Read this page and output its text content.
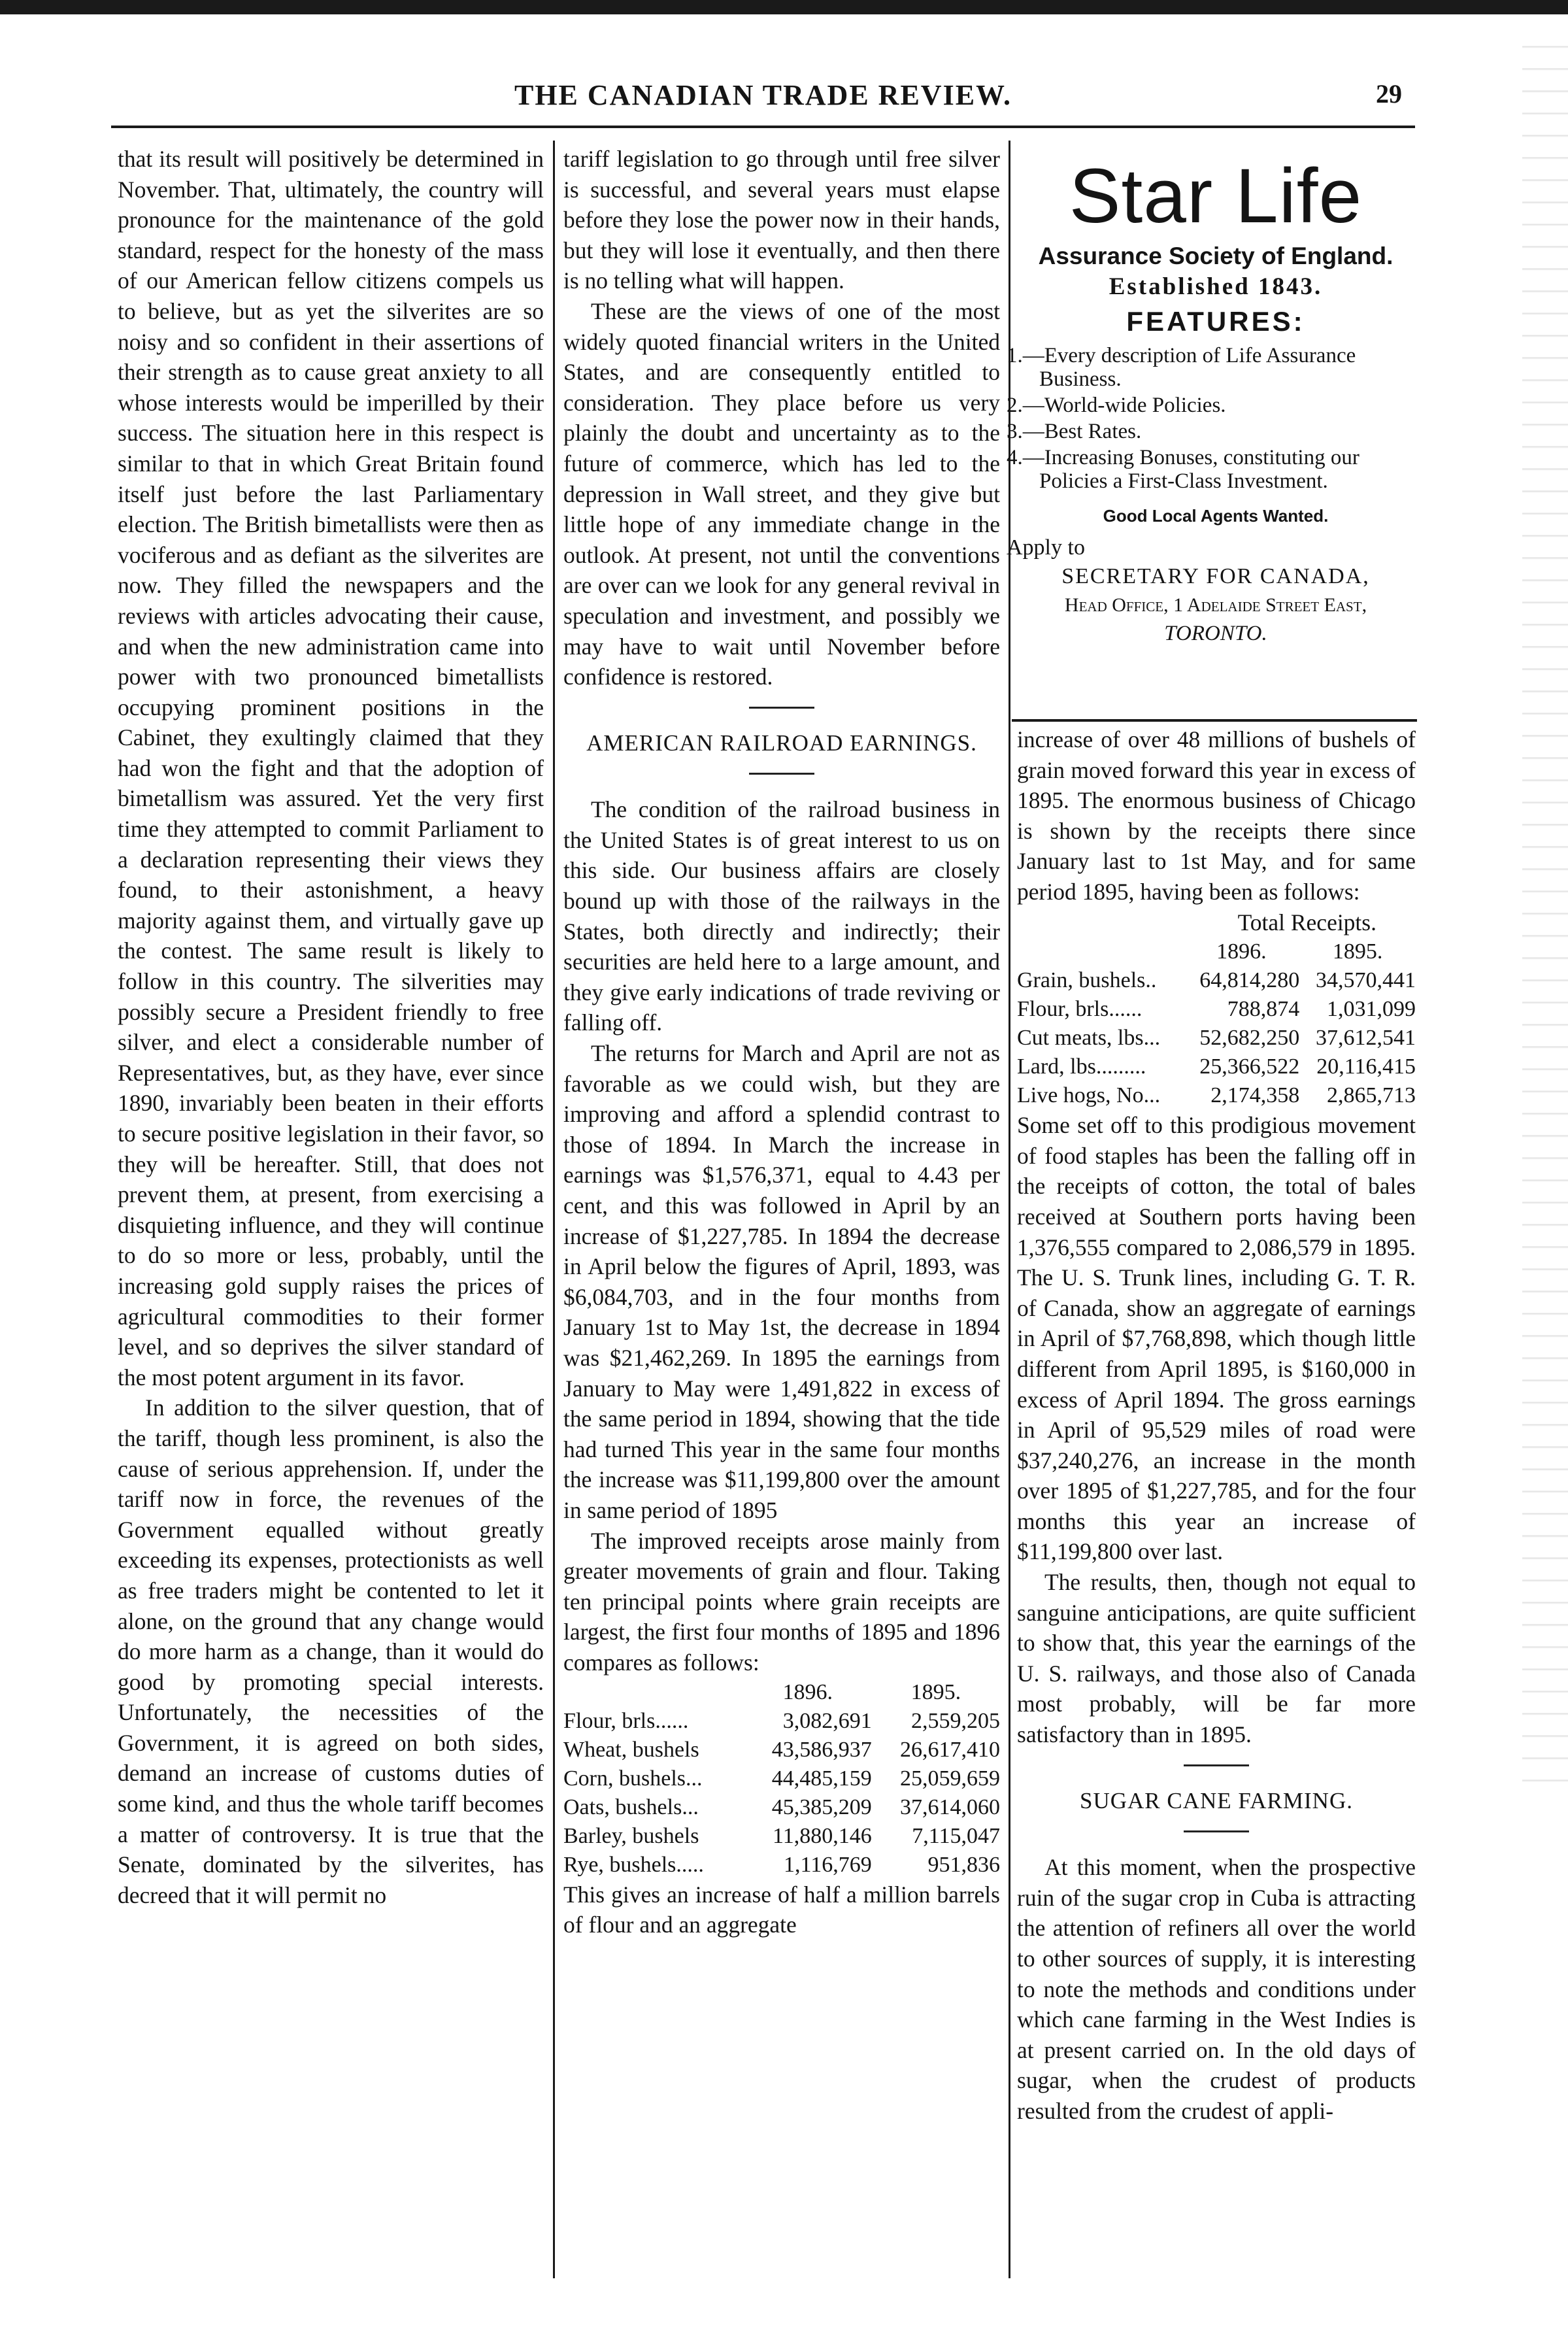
THE CANADIAN TRADE REVIEW.	29

that its result will positively be determined in November. That, ultimately, the country will pronounce for the maintenance of the gold standard, respect for the honesty of the mass of our American fellow citizens compels us to believe, but as yet the silverites are so noisy and so confident in their assertions of their strength as to cause great anxiety to all whose interests would be imperilled by their success. The situation here in this respect is similar to that in which Great Britain found itself just before the last Parliamentary election. The British bimetallists were then as vociferous and as defiant as the silverites are now. They filled the newspapers and the reviews with articles advocating their cause, and when the new administration came into power with two pronounced bimetallists occupying prominent positions in the Cabinet, they exultingly claimed that they had won the fight and that the adoption of bimetallism was assured. Yet the very first time they attempted to commit Parliament to a declaration representing their views they found, to their astonishment, a heavy majority against them, and virtually gave up the contest. The same result is likely to follow in this country. The silverities may possibly secure a President friendly to free silver, and elect a considerable number of Representatives, but, as they have, ever since 1890, invariably been beaten in their efforts to secure positive legislation in their favor, so they will be hereafter. Still, that does not prevent them, at present, from exercising a disquieting influence, and they will continue to do so more or less, probably, until the increasing gold supply raises the prices of agricultural commodities to their former level, and so deprives the silver standard of the most potent argument in its favor.

In addition to the silver question, that of the tariff, though less prominent, is also the cause of serious apprehension. If, under the tariff now in force, the revenues of the Government equalled without greatly exceeding its expenses, protectionists as well as free traders might be contented to let it alone, on the ground that any change would do more harm as a change, than it would do good by promoting special interests. Unfortunately, the necessities of the Government, it is agreed on both sides, demand an increase of customs duties of some kind, and thus the whole tariff becomes a matter of controversy. It is true that the Senate, dominated by the silverites, has decreed that it will permit no

tariff legislation to go through until free silver is successful, and several years must elapse before they lose the power now in their hands, but they will lose it eventually, and then there is no telling what will happen.

These are the views of one of the most widely quoted financial writers in the United States, and are consequently entitled to consideration. They place before us very plainly the doubt and uncertainty as to the future of commerce, which has led to the depression in Wall street, and they give but little hope of any immediate change in the outlook. At present, not until the conventions are over can we look for any general revival in speculation and investment, and possibly we may have to wait until November before confidence is restored.

AMERICAN RAILROAD EARNINGS.

The condition of the railroad business in the United States is of great interest to us on this side. Our business affairs are closely bound up with those of the railways in the States, both directly and indirectly; their securities are held here to a large amount, and they give early indications of trade reviving or falling off.

The returns for March and April are not as favorable as we could wish, but they are improving and afford a splendid contrast to those of 1894. In March the increase in earnings was $1,576,371, equal to 4.43 per cent, and this was followed in April by an increase of $1,227,785. In 1894 the decrease in April below the figures of April, 1893, was $6,084,703, and in the four months from January 1st to May 1st, the decrease in 1894 was $21,462,269. In 1895 the earnings from January to May were 1,491,822 in excess of the same period in 1894, showing that the tide had turned This year in the same four months the increase was $11,199,800 over the amount in same period of 1895

The improved receipts arose mainly from greater movements of grain and flour. Taking ten principal points where grain receipts are largest, the first four months of 1895 and 1896 compares as follows:

	1896.	1895.
Flour, brls......	3,082,691	2,559,205
Wheat, bushels	43,586,937	26,617,410
Corn, bushels...	44,485,159	25,059,659
Oats, bushels...	45,385,209	37,614,060
Barley, bushels	11,880,146	7,115,047
Rye, bushels.....	1,116,769	951,836

This gives an increase of half a million barrels of flour and an aggregate

Star Life
Assurance Society of England.
Established 1843.
FEATURES:
1.—Every description of Life Assurance Business.
2.—World-wide Policies.
3.—Best Rates.
4.—Increasing Bonuses, constituting our Policies a First-Class Investment.
Good Local Agents Wanted.
Apply to
SECRETARY FOR CANADA,
Head Office, 1 Adelaide Street East,
TORONTO.

increase of over 48 millions of bushels of grain moved forward this year in excess of 1895. The enormous business of Chicago is shown by the receipts there since January last to 1st May, and for same period 1895, having been as follows:

Total Receipts.
	1896.	1895.
Grain, bushels..	64,814,280	34,570,441
Flour, brls......	788,874	1,031,099
Cut meats, lbs...	52,682,250	37,612,541
Lard, lbs.........	25,366,522	20,116,415
Live hogs, No...	2,174,358	2,865,713

Some set off to this prodigious movement of food staples has been the falling off in the receipts of cotton, the total of bales received at Southern ports having been 1,376,555 compared to 2,086,579 in 1895. The U. S. Trunk lines, including G. T. R. of Canada, show an aggregate of earnings in April of $7,768,898, which though little different from April 1895, is $160,000 in excess of April 1894. The gross earnings in April of 95,529 miles of road were $37,240,276, an increase in the month over 1895 of $1,227,785, and for the four months this year an increase of $11,199,800 over last.

The results, then, though not equal to sanguine anticipations, are quite sufficient to show that, this year the earnings of the U. S. railways, and those also of Canada most probably, will be far more satisfactory than in 1895.

SUGAR CANE FARMING.

At this moment, when the prospective ruin of the sugar crop in Cuba is attracting the attention of refiners all over the world to other sources of supply, it is interesting to note the methods and conditions under which cane farming in the West Indies is at present carried on. In the old days of sugar, when the crudest of products resulted from the crudest of appli-
